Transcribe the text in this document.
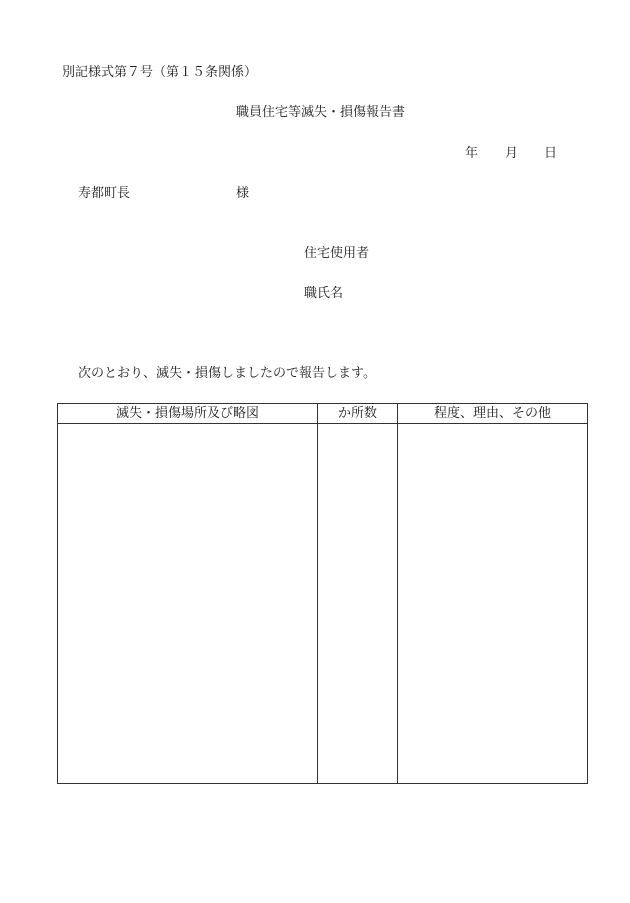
別記様式第７号（第１５条関係）
職員住宅等滅失・損傷報告書
年 月 日
寿都町長	様
住宅使用者
職氏名
次のとおり、滅失・損傷しましたので報告します。
滅失・損傷場所及び略図	か所数	程度、理由、その他
